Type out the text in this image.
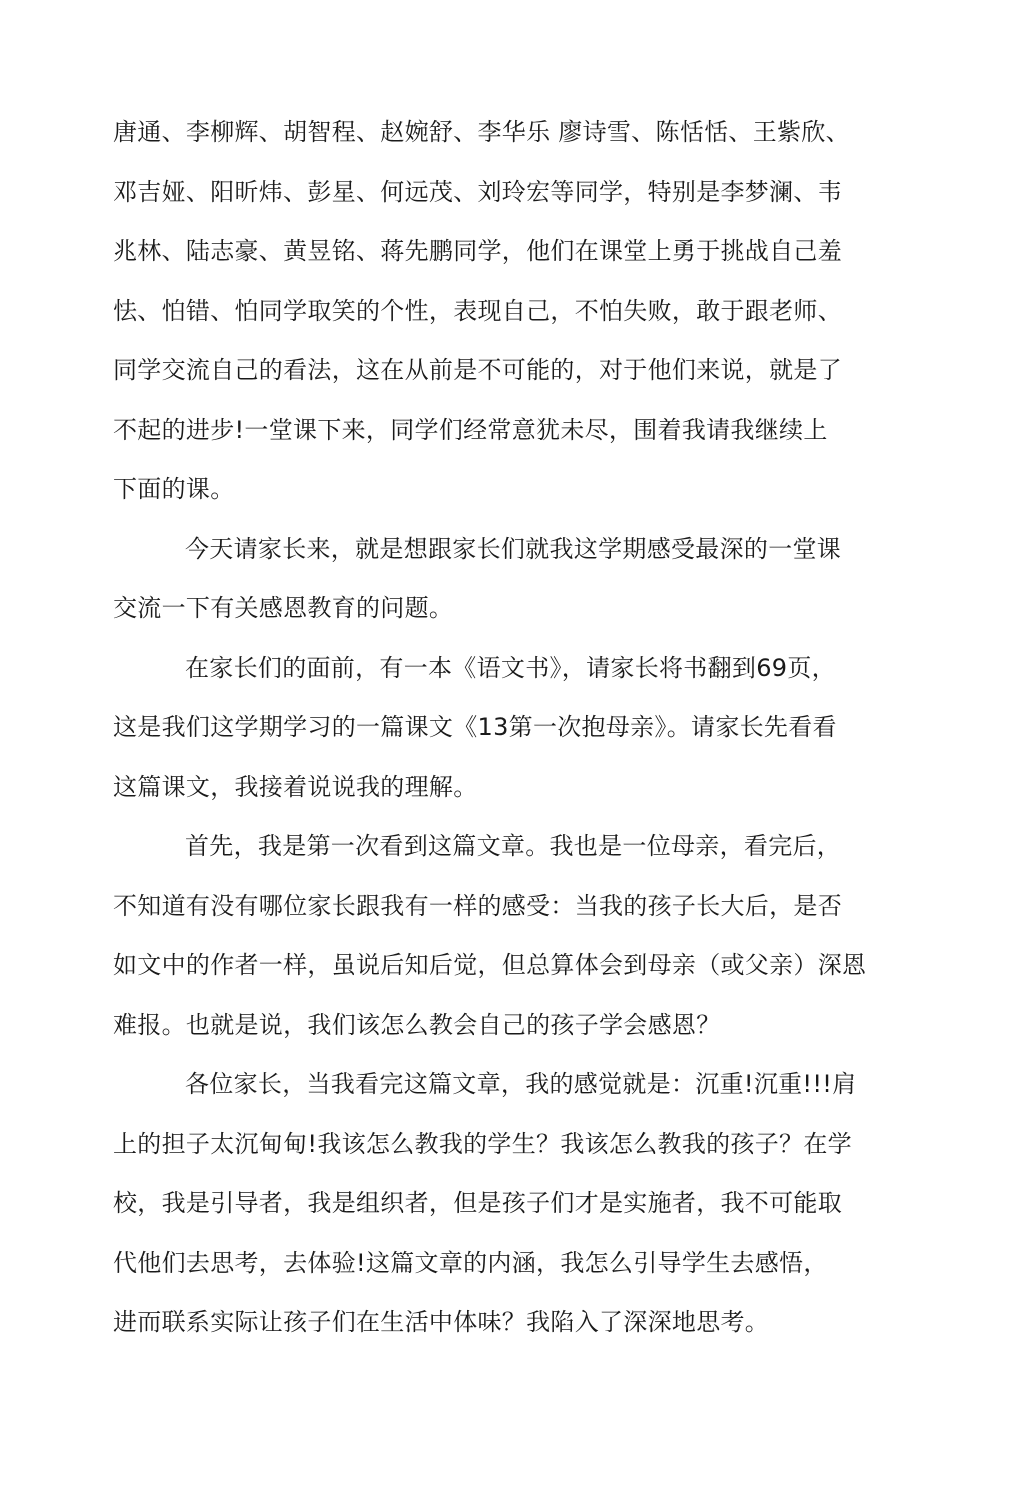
唐通、李柳辉、胡智程、赵婉舒、李华乐 廖诗雪、陈恬恬、王紫欣、
邓吉娅、阳昕炜、彭星、何远茂、刘玲宏等同学，特别是李梦澜、韦
兆林、陆志豪、黄昱铭、蒋先鹏同学，他们在课堂上勇于挑战自己羞
怯、怕错、怕同学取笑的个性，表现自己，不怕失败，敢于跟老师、
同学交流自己的看法，这在从前是不可能的，对于他们来说，就是了
不起的进步!一堂课下来，同学们经常意犹未尽，围着我请我继续上
下面的课。
今天请家长来，就是想跟家长们就我这学期感受最深的一堂课
交流一下有关感恩教育的问题。
在家长们的面前，有一本《语文书》，请家长将书翻到69页，
这是我们这学期学习的一篇课文《13第一次抱母亲》。请家长先看看
这篇课文，我接着说说我的理解。
首先，我是第一次看到这篇文章。我也是一位母亲，看完后，
不知道有没有哪位家长跟我有一样的感受：当我的孩子长大后，是否
如文中的作者一样，虽说后知后觉，但总算体会到母亲（或父亲）深恩
难报。也就是说，我们该怎么教会自己的孩子学会感恩？
各位家长，当我看完这篇文章，我的感觉就是：沉重!沉重!!!肩
上的担子太沉甸甸!我该怎么教我的学生？我该怎么教我的孩子？在学
校，我是引导者，我是组织者，但是孩子们才是实施者，我不可能取
代他们去思考，去体验!这篇文章的内涵，我怎么引导学生去感悟，
进而联系实际让孩子们在生活中体味？我陷入了深深地思考。
